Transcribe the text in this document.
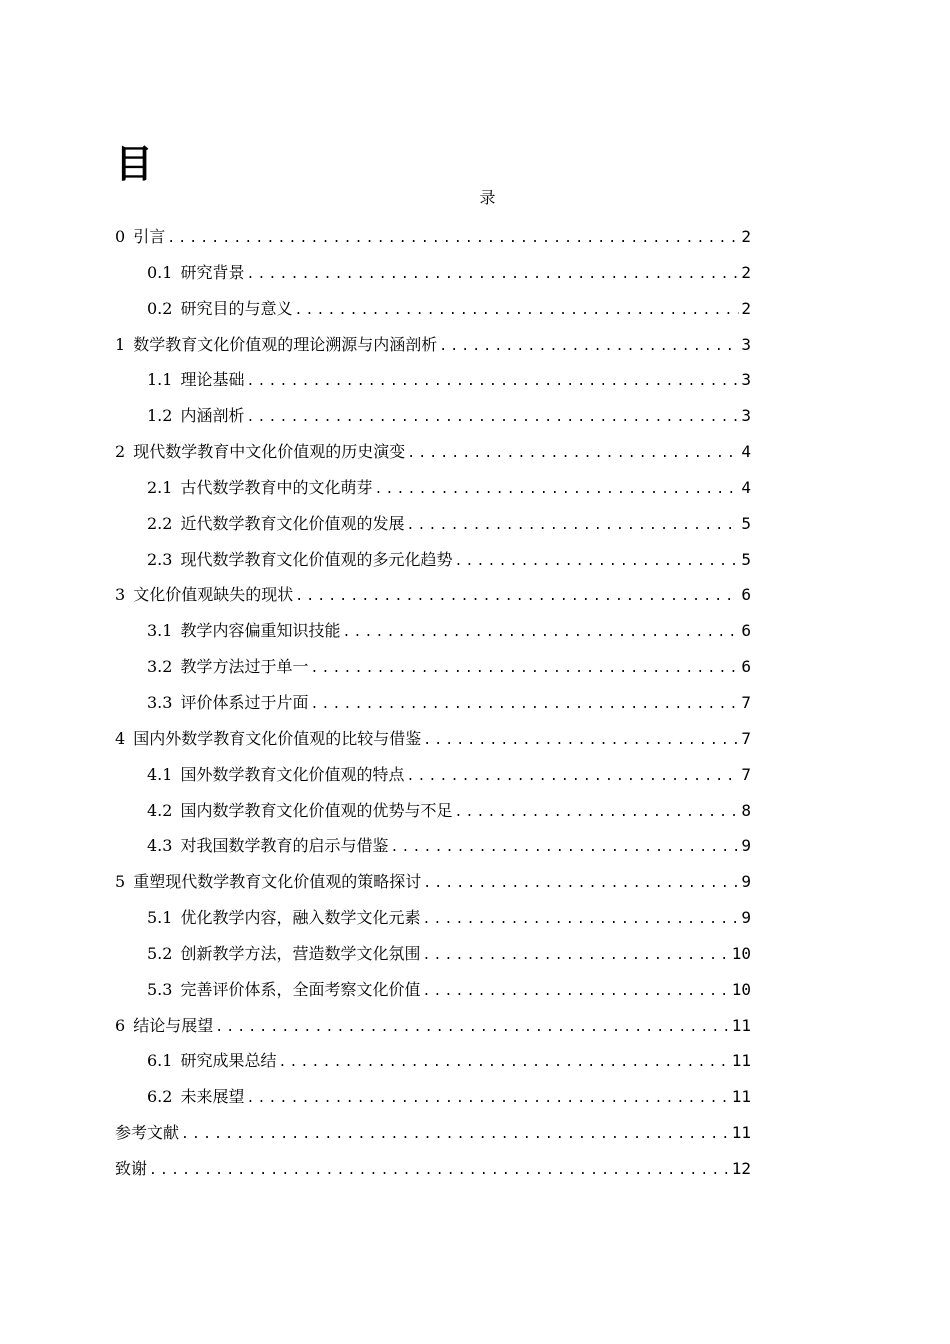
目
录
0 引言 .....	2
0.1 研究背景 .....	2
0.2 研究目的与意义 .....	2
1 数学教育文化价值观的理论溯源与内涵剖析 .....	3
1.1 理论基础 .....	3
1.2 内涵剖析 .....	3
2 现代数学教育中文化价值观的历史演变 .....	4
2.1 古代数学教育中的文化萌芽 .....	4
2.2 近代数学教育文化价值观的发展 .....	5
2.3 现代数学教育文化价值观的多元化趋势 .....	5
3 文化价值观缺失的现状 .....	6
3.1 教学内容偏重知识技能 .....	6
3.2 教学方法过于单一 .....	6
3.3 评价体系过于片面 .....	7
4 国内外数学教育文化价值观的比较与借鉴 .....	7
4.1 国外数学教育文化价值观的特点 .....	7
4.2 国内数学教育文化价值观的优势与不足 .....	8
4.3 对我国数学教育的启示与借鉴 .....	9
5 重塑现代数学教育文化价值观的策略探讨 .....	9
5.1 优化教学内容，融入数学文化元素 .....	9
5.2 创新教学方法，营造数学文化氛围 .....	10
5.3 完善评价体系，全面考察文化价值 .....	10
6 结论与展望 .....	11
6.1 研究成果总结 .....	11
6.2 未来展望 .....	11
参考文献 .....	11
致谢 .....	12
